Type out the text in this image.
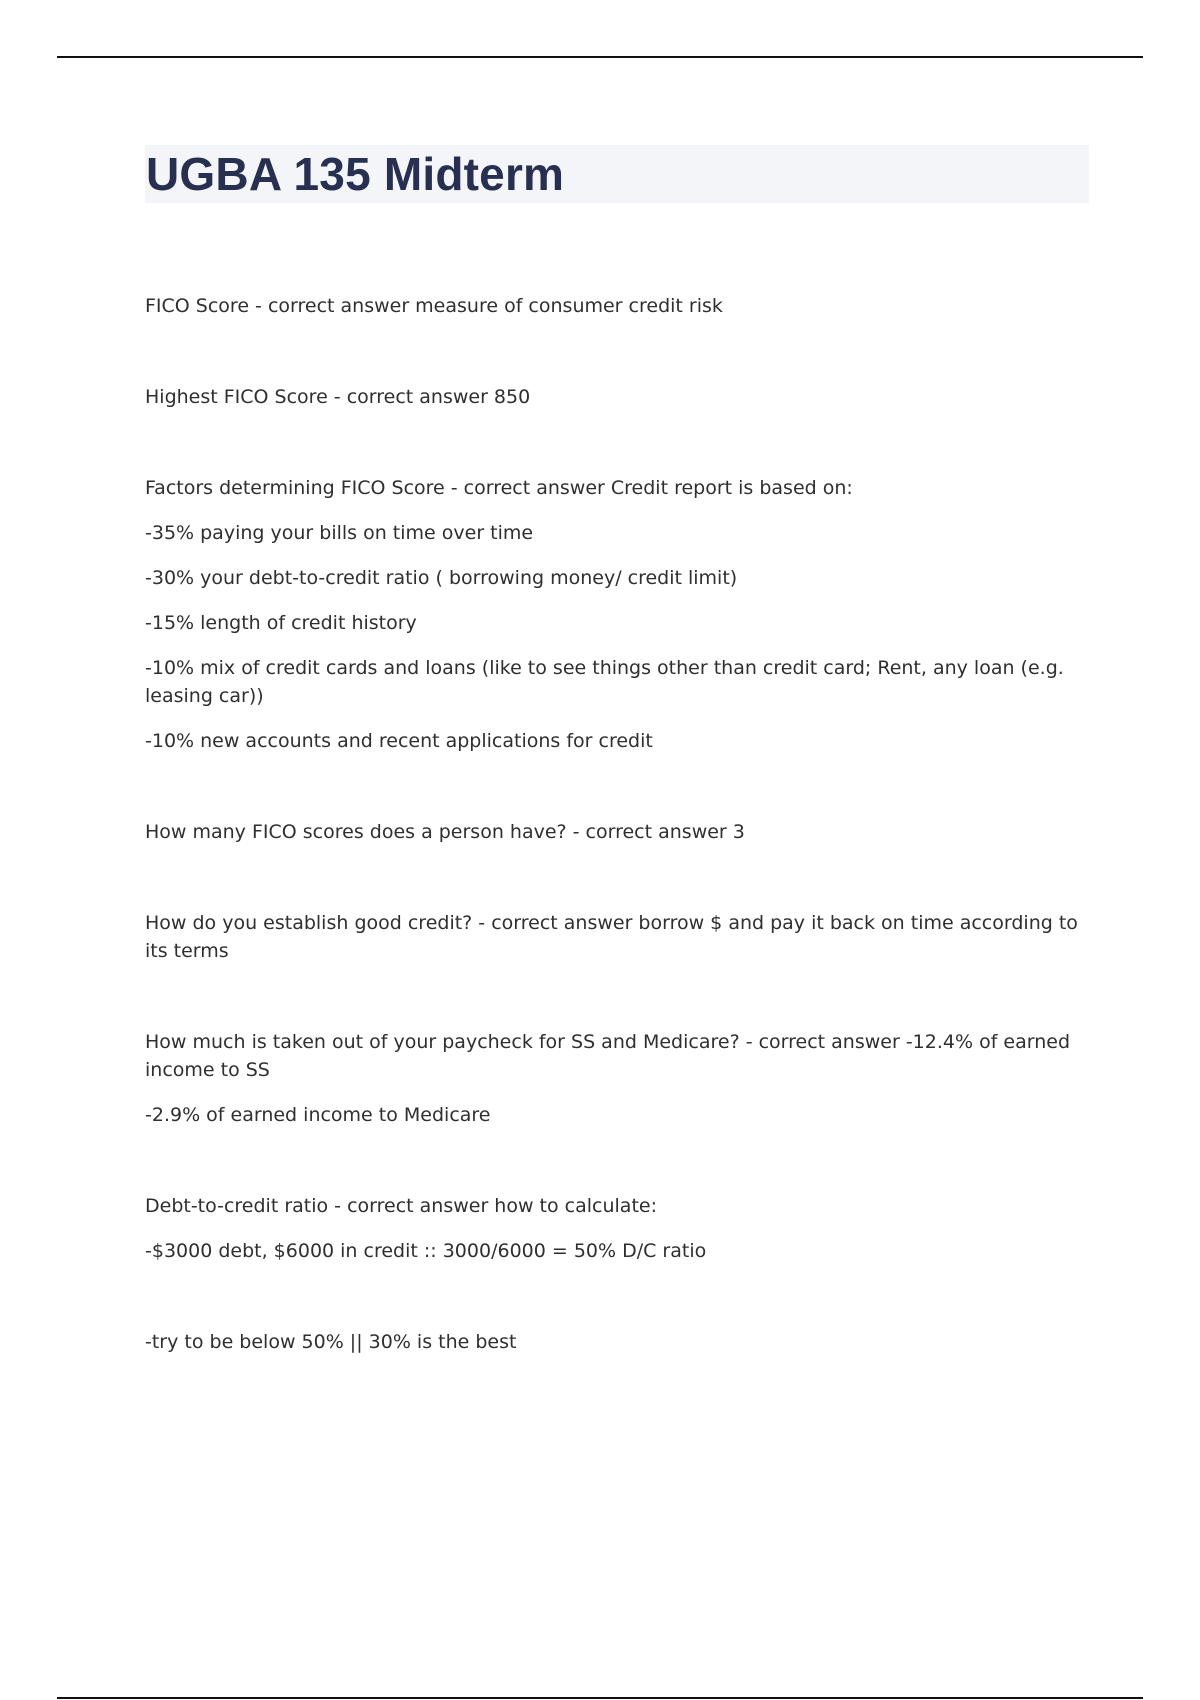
UGBA 135 Midterm

FICO Score - correct answer measure of consumer credit risk

Highest FICO Score - correct answer 850

Factors determining FICO Score - correct answer Credit report is based on:

-35% paying your bills on time over time

-30% your debt-to-credit ratio ( borrowing money/ credit limit)

-15% length of credit history

-10% mix of credit cards and loans (like to see things other than credit card; Rent, any loan (e.g. leasing car))

-10% new accounts and recent applications for credit

How many FICO scores does a person have? - correct answer 3

How do you establish good credit? - correct answer borrow $ and pay it back on time according to its terms

How much is taken out of your paycheck for SS and Medicare? - correct answer -12.4% of earned income to SS

-2.9% of earned income to Medicare

Debt-to-credit ratio - correct answer how to calculate:

-$3000 debt, $6000 in credit :: 3000/6000 = 50% D/C ratio

-try to be below 50% || 30% is the best
